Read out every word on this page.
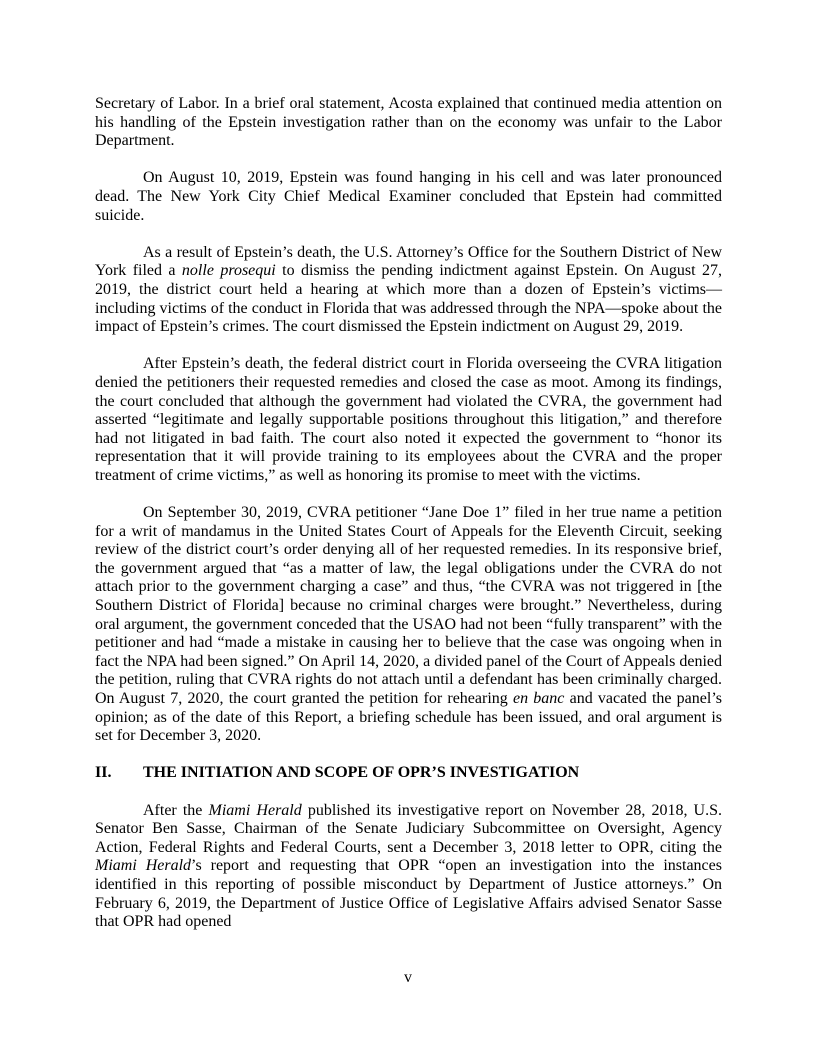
Secretary of Labor. In a brief oral statement, Acosta explained that continued media attention on his handling of the Epstein investigation rather than on the economy was unfair to the Labor Department.

On August 10, 2019, Epstein was found hanging in his cell and was later pronounced dead. The New York City Chief Medical Examiner concluded that Epstein had committed suicide.

As a result of Epstein’s death, the U.S. Attorney’s Office for the Southern District of New York filed a nolle prosequi to dismiss the pending indictment against Epstein. On August 27, 2019, the district court held a hearing at which more than a dozen of Epstein’s victims—including victims of the conduct in Florida that was addressed through the NPA—spoke about the impact of Epstein’s crimes. The court dismissed the Epstein indictment on August 29, 2019.

After Epstein’s death, the federal district court in Florida overseeing the CVRA litigation denied the petitioners their requested remedies and closed the case as moot. Among its findings, the court concluded that although the government had violated the CVRA, the government had asserted “legitimate and legally supportable positions throughout this litigation,” and therefore had not litigated in bad faith. The court also noted it expected the government to “honor its representation that it will provide training to its employees about the CVRA and the proper treatment of crime victims,” as well as honoring its promise to meet with the victims.

On September 30, 2019, CVRA petitioner “Jane Doe 1” filed in her true name a petition for a writ of mandamus in the United States Court of Appeals for the Eleventh Circuit, seeking review of the district court’s order denying all of her requested remedies. In its responsive brief, the government argued that “as a matter of law, the legal obligations under the CVRA do not attach prior to the government charging a case” and thus, “the CVRA was not triggered in [the Southern District of Florida] because no criminal charges were brought.” Nevertheless, during oral argument, the government conceded that the USAO had not been “fully transparent” with the petitioner and had “made a mistake in causing her to believe that the case was ongoing when in fact the NPA had been signed.” On April 14, 2020, a divided panel of the Court of Appeals denied the petition, ruling that CVRA rights do not attach until a defendant has been criminally charged. On August 7, 2020, the court granted the petition for rehearing en banc and vacated the panel’s opinion; as of the date of this Report, a briefing schedule has been issued, and oral argument is set for December 3, 2020.

II. THE INITIATION AND SCOPE OF OPR’S INVESTIGATION

After the Miami Herald published its investigative report on November 28, 2018, U.S. Senator Ben Sasse, Chairman of the Senate Judiciary Subcommittee on Oversight, Agency Action, Federal Rights and Federal Courts, sent a December 3, 2018 letter to OPR, citing the Miami Herald’s report and requesting that OPR “open an investigation into the instances identified in this reporting of possible misconduct by Department of Justice attorneys.” On February 6, 2019, the Department of Justice Office of Legislative Affairs advised Senator Sasse that OPR had opened

v
